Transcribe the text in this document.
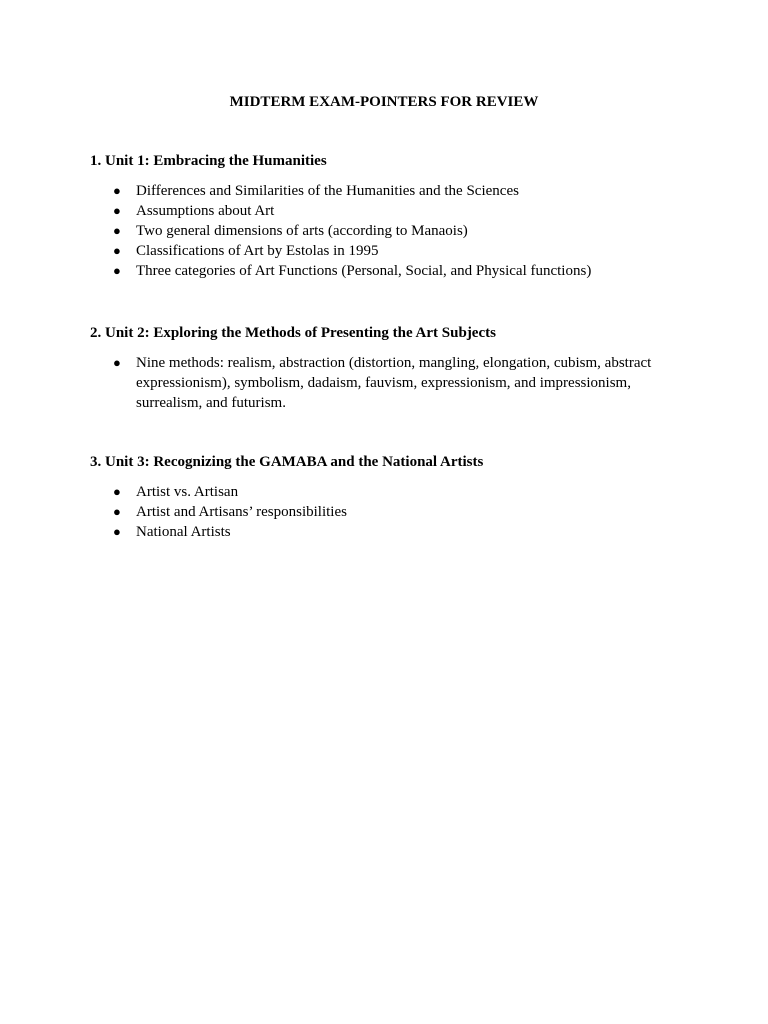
MIDTERM EXAM-POINTERS FOR REVIEW

1. Unit 1: Embracing the Humanities

● Differences and Similarities of the Humanities and the Sciences
● Assumptions about Art
● Two general dimensions of arts (according to Manaois)
● Classifications of Art by Estolas in 1995
● Three categories of Art Functions (Personal, Social, and Physical functions)

2. Unit 2: Exploring the Methods of Presenting the Art Subjects

● Nine methods: realism, abstraction (distortion, mangling, elongation, cubism, abstract expressionism), symbolism, dadaism, fauvism, expressionism, and impressionism, surrealism, and futurism.

3. Unit 3: Recognizing the GAMABA and the National Artists

● Artist vs. Artisan
● Artist and Artisans’ responsibilities
● National Artists
